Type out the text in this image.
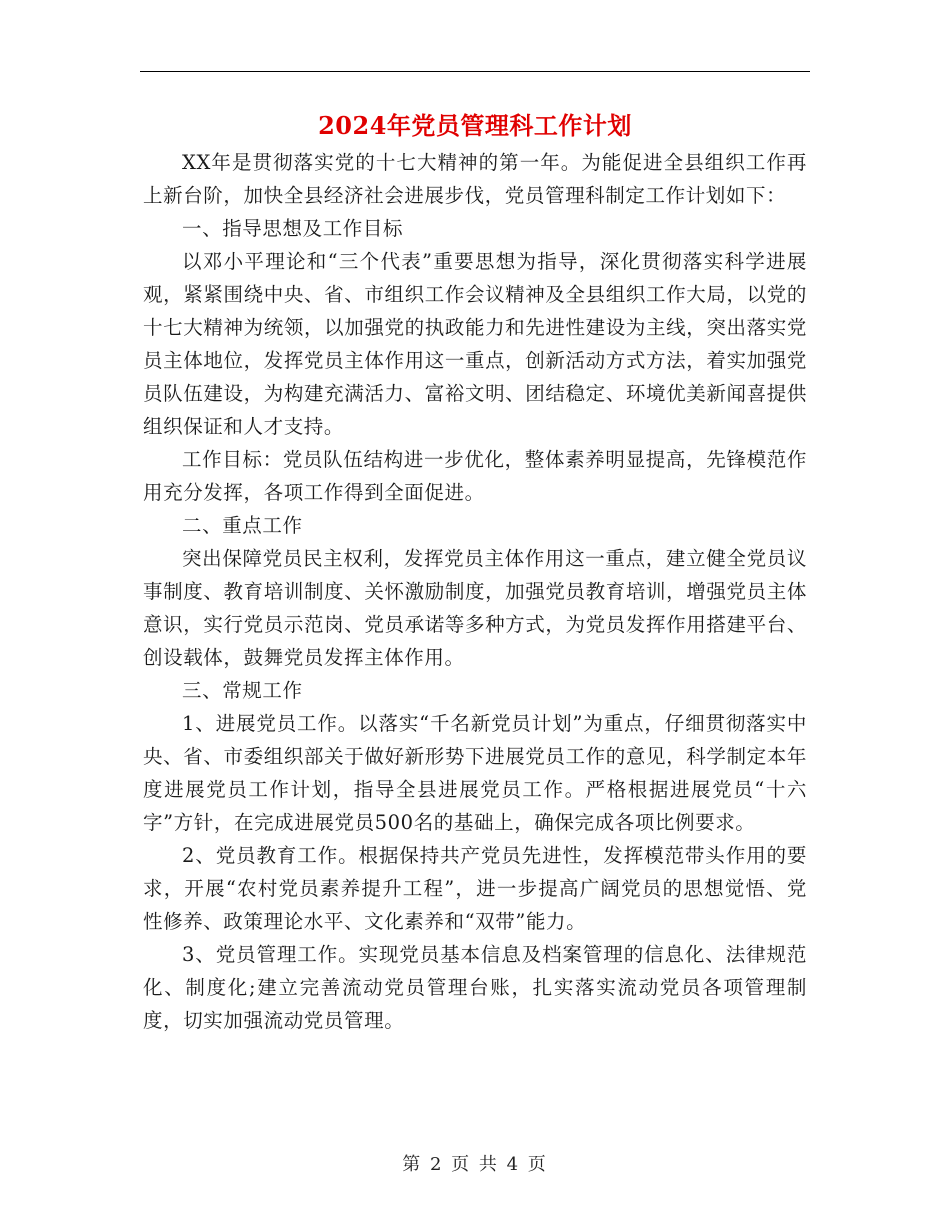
2024年党员管理科工作计划

XX年是贯彻落实党的十七大精神的第一年。为能促进全县组织工作再上新台阶，加快全县经济社会进展步伐，党员管理科制定工作计划如下：

一、指导思想及工作目标

以邓小平理论和“三个代表”重要思想为指导，深化贯彻落实科学进展观，紧紧围绕中央、省、市组织工作会议精神及全县组织工作大局，以党的十七大精神为统领，以加强党的执政能力和先进性建设为主线，突出落实党员主体地位，发挥党员主体作用这一重点，创新活动方式方法，着实加强党员队伍建设，为构建充满活力、富裕文明、团结稳定、环境优美新闻喜提供组织保证和人才支持。

工作目标：党员队伍结构进一步优化，整体素养明显提高，先锋模范作用充分发挥，各项工作得到全面促进。

二、重点工作

突出保障党员民主权利，发挥党员主体作用这一重点，建立健全党员议事制度、教育培训制度、关怀激励制度，加强党员教育培训，增强党员主体意识，实行党员示范岗、党员承诺等多种方式，为党员发挥作用搭建平台、创设载体，鼓舞党员发挥主体作用。

三、常规工作

1、进展党员工作。以落实“千名新党员计划”为重点，仔细贯彻落实中央、省、市委组织部关于做好新形势下进展党员工作的意见，科学制定本年度进展党员工作计划，指导全县进展党员工作。严格根据进展党员“十六字”方针，在完成进展党员500名的基础上，确保完成各项比例要求。

2、党员教育工作。根据保持共产党员先进性，发挥模范带头作用的要求，开展“农村党员素养提升工程”，进一步提高广阔党员的思想觉悟、党性修养、政策理论水平、文化素养和“双带”能力。

3、党员管理工作。实现党员基本信息及档案管理的信息化、法律规范化、制度化;建立完善流动党员管理台账，扎实落实流动党员各项管理制度，切实加强流动党员管理。

第 2 页 共 4 页
